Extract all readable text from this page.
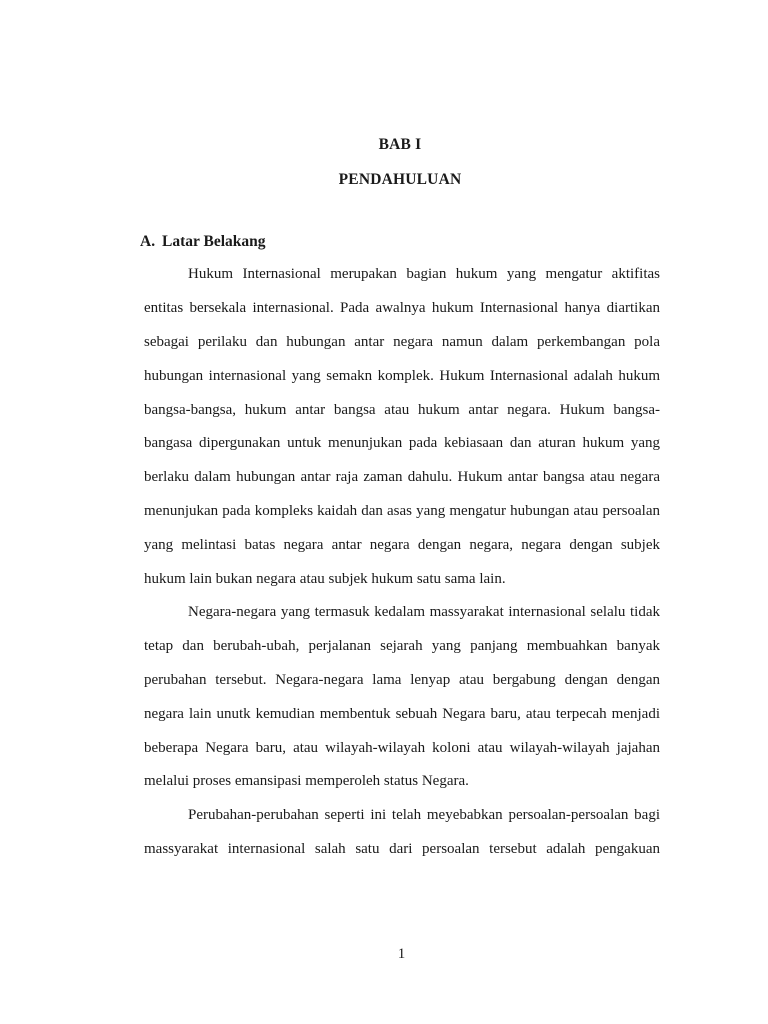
BAB I
PENDAHULUAN
A. Latar Belakang
Hukum Internasional merupakan bagian hukum yang mengatur aktifitas
entitas bersekala internasional. Pada awalnya hukum Internasional hanya diartikan
sebagai perilaku dan hubungan antar negara namun dalam perkembangan pola
hubungan internasional yang semakn komplek. Hukum Internasional adalah hukum
bangsa-bangsa, hukum antar bangsa atau hukum antar negara. Hukum bangsa-
bangasa dipergunakan untuk menunjukan pada kebiasaan dan aturan hukum yang
berlaku dalam hubungan antar raja zaman dahulu. Hukum antar bangsa atau negara
menunjukan pada kompleks kaidah dan asas yang mengatur hubungan atau persoalan
yang melintasi batas negara antar negara dengan negara, negara dengan subjek
hukum lain bukan negara atau subjek hukum satu sama lain.
Negara-negara yang termasuk kedalam massyarakat internasional selalu tidak
tetap dan berubah-ubah, perjalanan sejarah yang panjang membuahkan banyak
perubahan tersebut. Negara-negara lama lenyap atau bergabung dengan dengan
negara lain unutk kemudian membentuk sebuah Negara baru, atau terpecah menjadi
beberapa Negara baru, atau wilayah-wilayah koloni atau wilayah-wilayah jajahan
melalui proses emansipasi memperoleh status Negara.
Perubahan-perubahan seperti ini telah meyebabkan persoalan-persoalan bagi
massyarakat internasional salah satu dari persoalan tersebut adalah pengakuan
1
